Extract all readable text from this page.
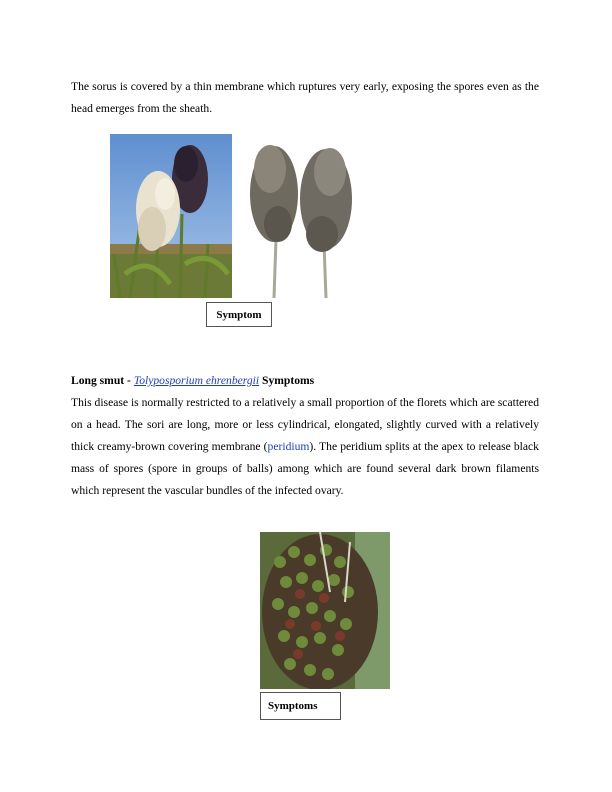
The sorus is covered by a thin membrane which ruptures very early, exposing the spores even as the head emerges from the sheath.

Symptom

Long smut - Tolyposporium ehrenbergii Symptoms

This disease is normally restricted to a relatively a small proportion of the florets which are scattered on a head. The sori are long, more or less cylindrical, elongated, slightly curved with a relatively thick creamy-brown covering membrane (peridium). The peridium splits at the apex to release black mass of spores (spore in groups of balls) among which are found several dark brown filaments which represent the vascular bundles of the infected ovary.

Symptoms
